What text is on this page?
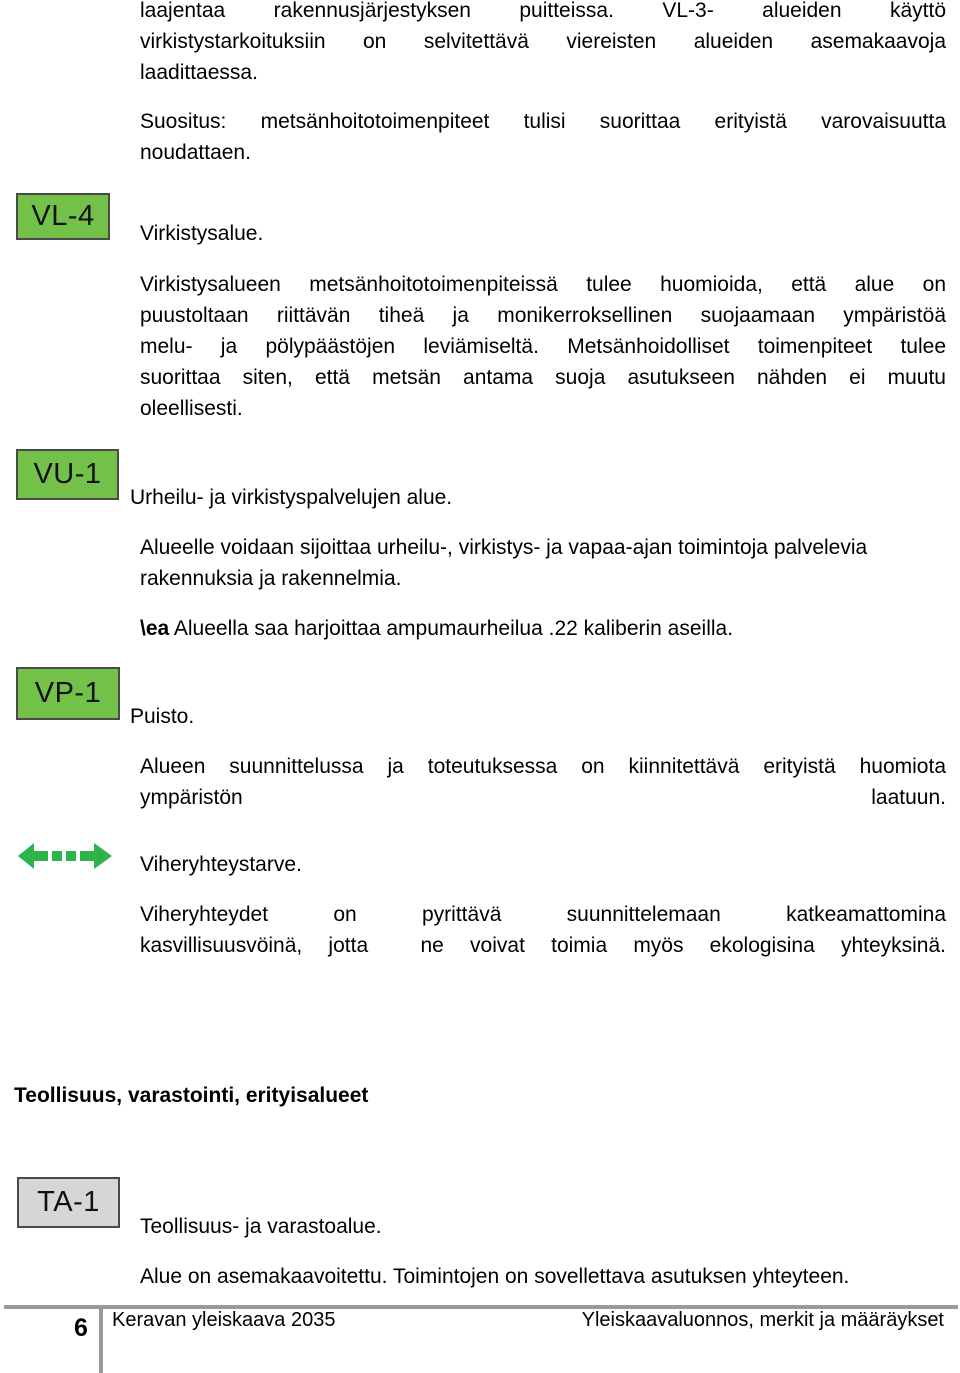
laajentaa rakennusjärjestyksen puitteissa. VL-3- alueiden käyttö
virkistystarkoituksiin on selvitettävä viereisten alueiden asemakaavoja
laadittaessa.
Suositus: metsänhoitotoimenpiteet tulisi suorittaa erityistä varovaisuutta
noudattaen.
VL-4
Virkistysalue.
Virkistysalueen metsänhoitotoimenpiteissä tulee huomioida, että alue on
puustoltaan riittävän tiheä ja monikerroksellinen suojaamaan ympäristöä
melu- ja pölypäästöjen leviämiseltä. Metsänhoidolliset toimenpiteet tulee
suorittaa siten, että metsän antama suoja asutukseen nähden ei muutu
oleellisesti.
VU-1
Urheilu- ja virkistyspalvelujen alue.
Alueelle voidaan sijoittaa urheilu-, virkistys- ja vapaa-ajan toimintoja palvelevia
rakennuksia ja rakennelmia.
\ea Alueella saa harjoittaa ampumaurheilua .22 kaliberin aseilla.
VP-1
Puisto.
Alueen suunnittelussa ja toteutuksessa on kiinnitettävä erityistä huomiota
ympäristön  laatuun.
Viheryhteystarve.
Viheryhteydet on pyrittävä suunnittelemaan katkeamattomina
kasvillisuusvöinä, jotta  ne voivat toimia myös ekologisina yhteyksinä.
Teollisuus, varastointi, erityisalueet
TA-1
Teollisuus- ja varastoalue.
Alue on asemakaavoitettu. Toimintojen on sovellettava asutuksen yhteyteen.
6 Keravan yleiskaava 2035	Yleiskaavaluonnos, merkit ja määräykset
